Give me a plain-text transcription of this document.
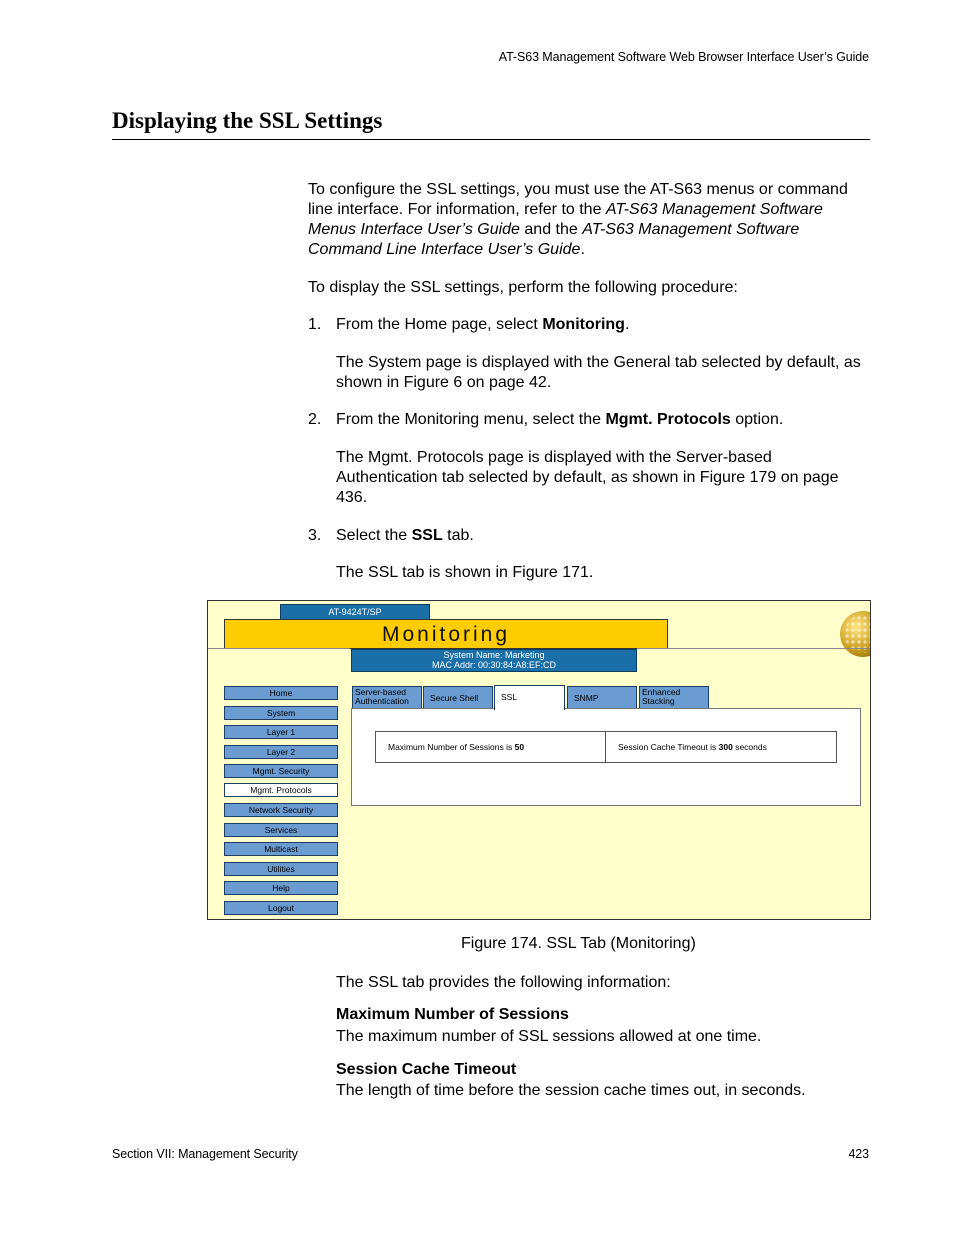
AT-S63 Management Software Web Browser Interface User’s Guide
Displaying the SSL Settings

To configure the SSL settings, you must use the AT-S63 menus or command line interface. For information, refer to the AT-S63 Management Software Menus Interface User’s Guide and the AT-S63 Management Software Command Line Interface User’s Guide.

To display the SSL settings, perform the following procedure:

1. From the Home page, select Monitoring.

The System page is displayed with the General tab selected by default, as shown in Figure 6 on page 42.

2. From the Monitoring menu, select the Mgmt. Protocols option.

The Mgmt. Protocols page is displayed with the Server-based Authentication tab selected by default, as shown in Figure 179 on page 436.

3. Select the SSL tab.

The SSL tab is shown in Figure 171.

AT-9424T/SP
Monitoring
System Name: Marketing
MAC Addr: 00:30:84:A8:EF:CD
Home
System
Layer 1
Layer 2
Mgmt. Security
Mgmt. Protocols
Network Security
Services
Multicast
Utilities
Help
Logout
Server-based
Authentication	Secure Shell	SSL	SNMP
Enhanced
Stacking
Maximum Number of Sessions is 50	Session Cache Timeout is 300 seconds
Figure 174. SSL Tab (Monitoring)

The SSL tab provides the following information:

Maximum Number of Sessions

The maximum number of SSL sessions allowed at one time.

Session Cache Timeout

The length of time before the session cache times out, in seconds.

Section VII: Management Security	423
